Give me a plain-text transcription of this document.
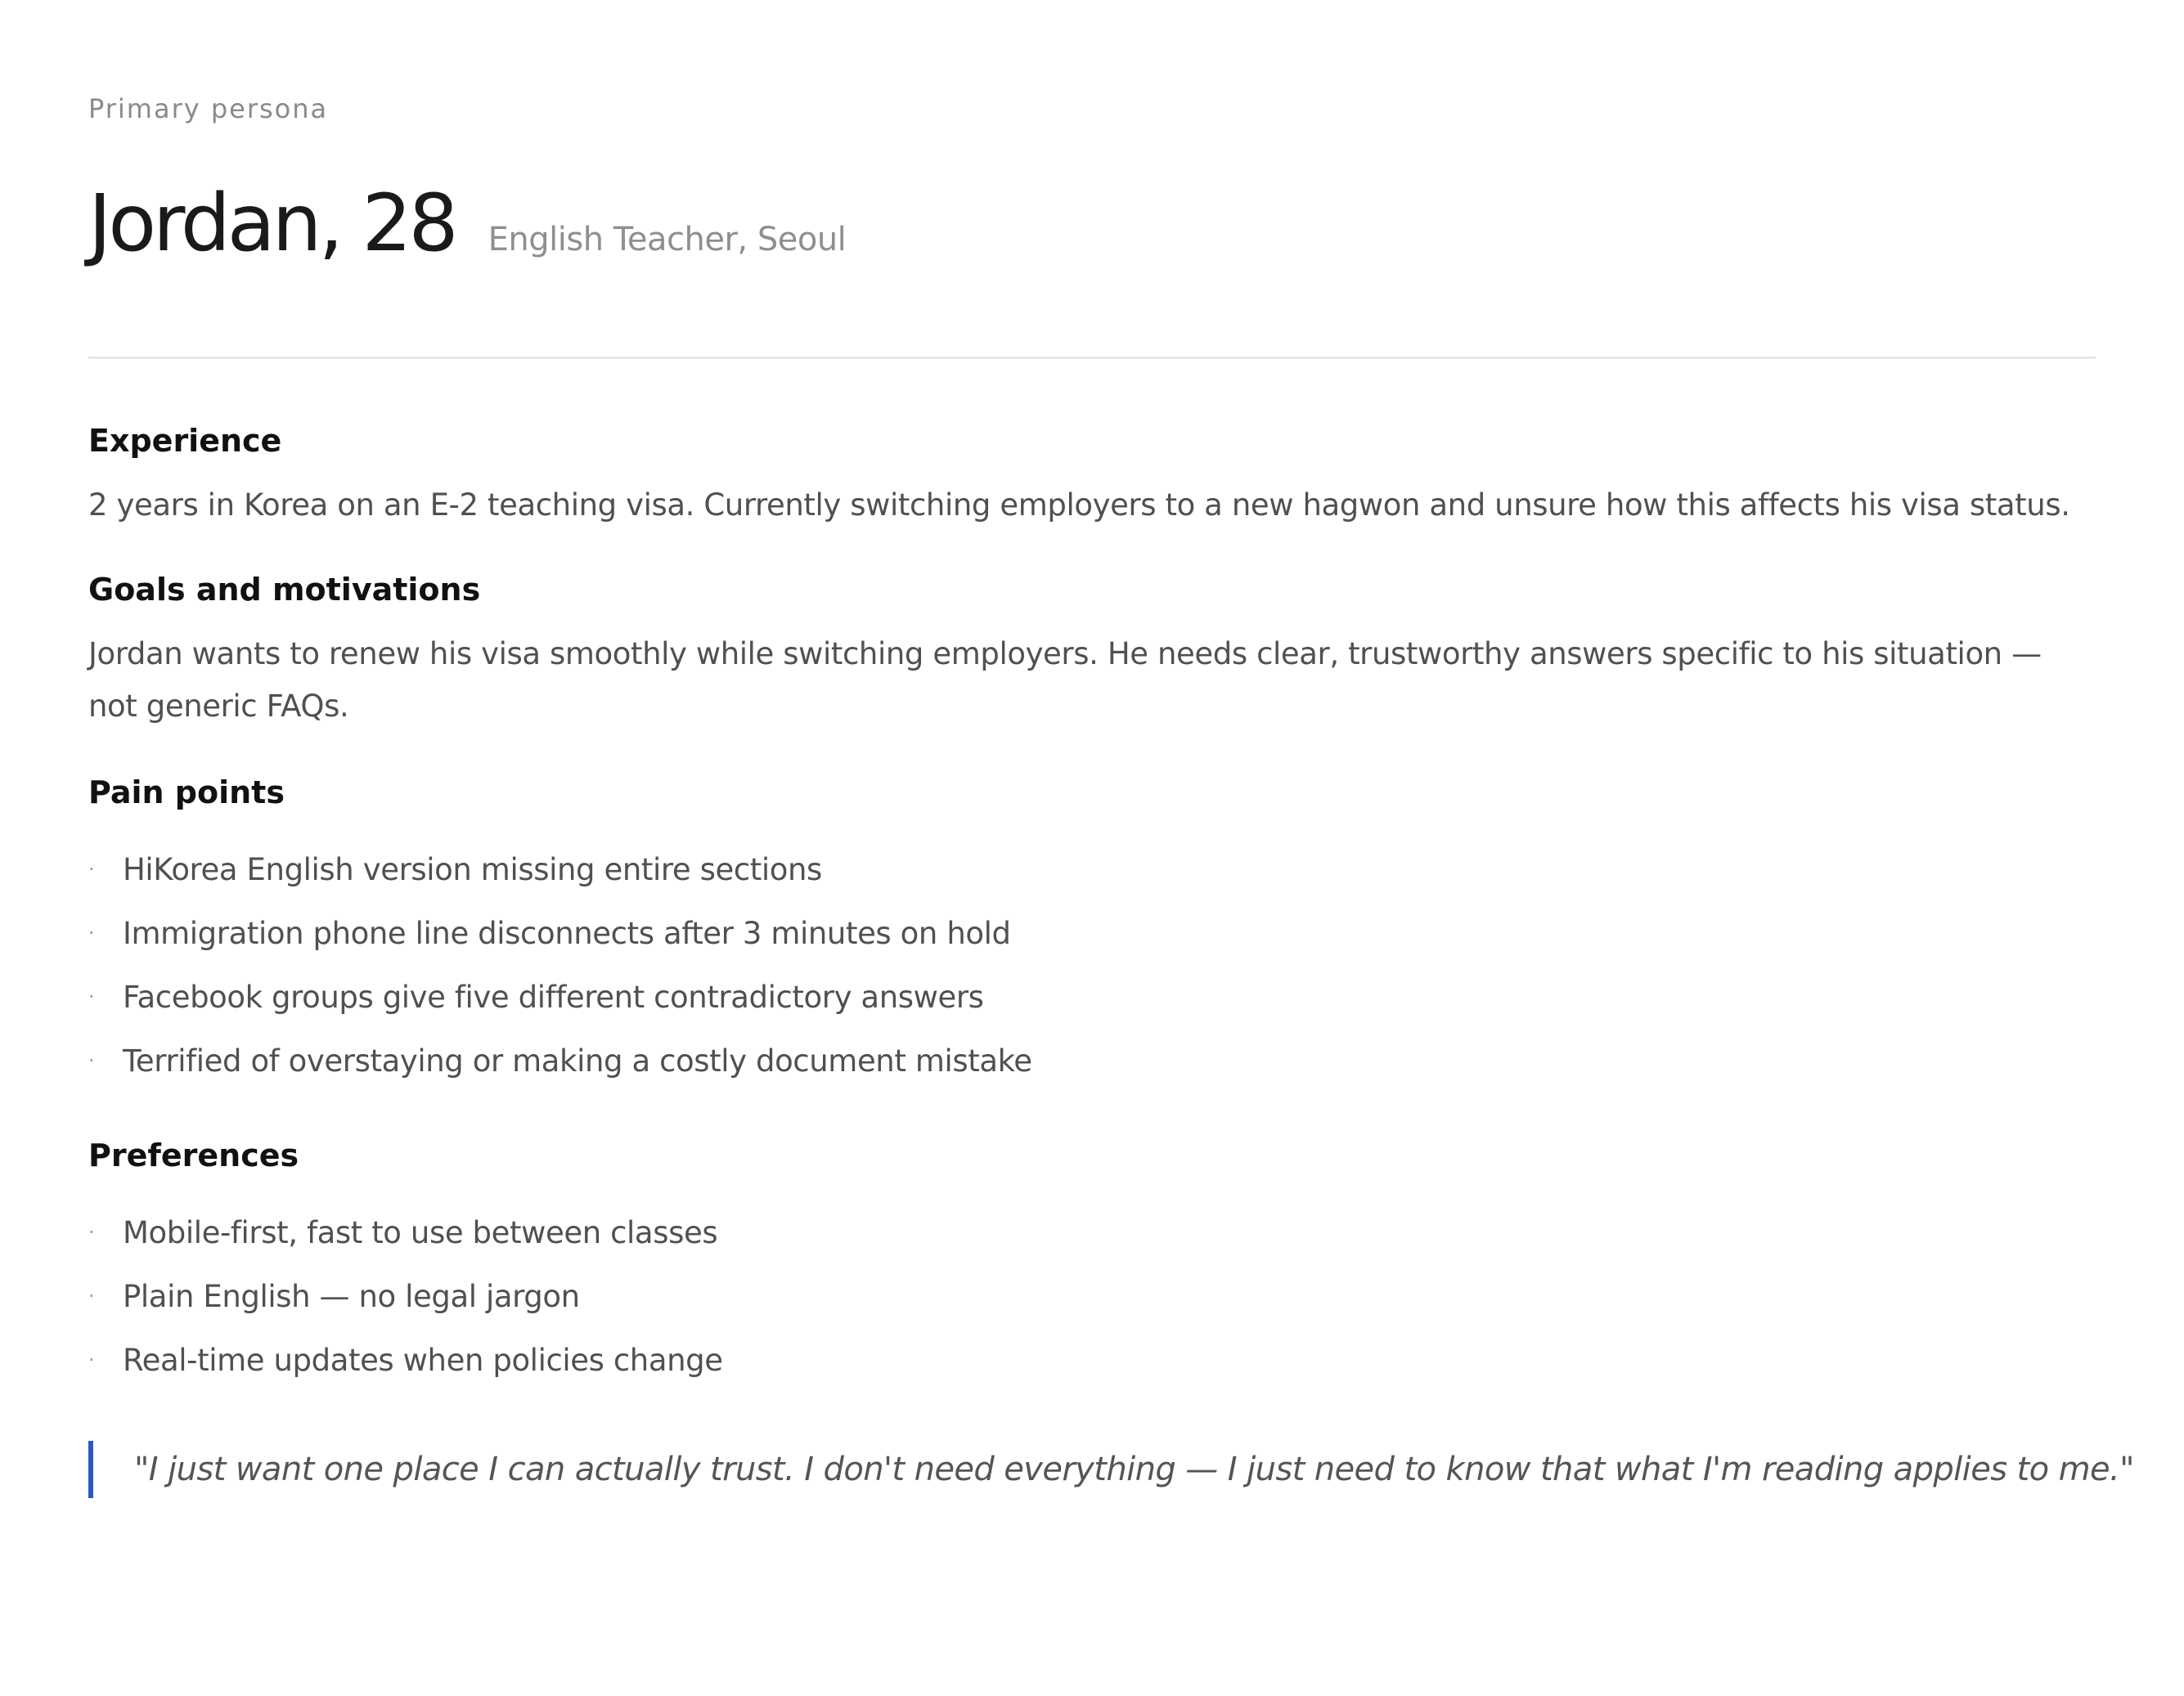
Primary persona

Jordan, 28 English Teacher, Seoul
Experience

2 years in Korea on an E-2 teaching visa. Currently switching employers to a new hagwon and unsure how this affects his visa status.

Goals and motivations

Jordan wants to renew his visa smoothly while switching employers. He needs clear, trustworthy answers specific to his situation — not generic FAQs.

Pain points
· HiKorea English version missing entire sections
· Immigration phone line disconnects after 3 minutes on hold
· Facebook groups give five different contradictory answers
· Terrified of overstaying or making a costly document mistake
Preferences
· Mobile-first, fast to use between classes
· Plain English — no legal jargon
· Real-time updates when policies change
"I just want one place I can actually trust. I don't need everything — I just need to know that what I'm reading applies to me."
